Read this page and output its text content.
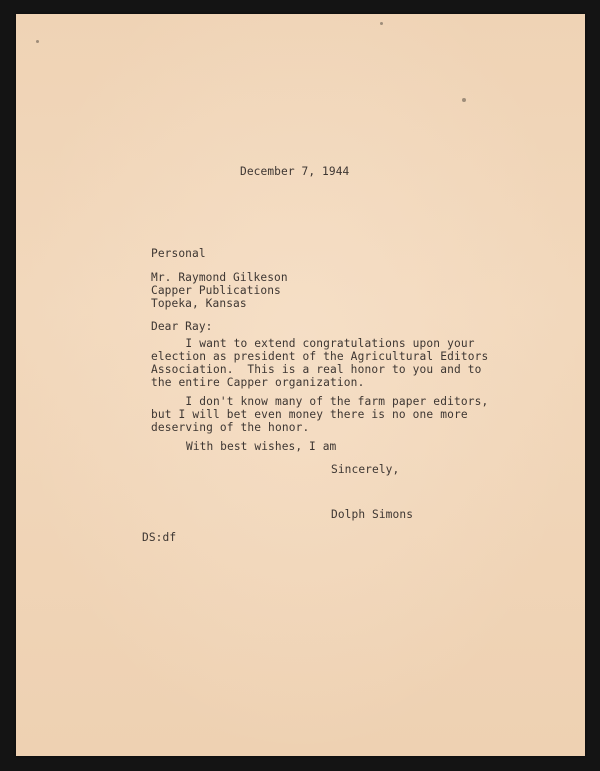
December 7, 1944
Personal
Mr. Raymond Gilkeson
Capper Publications
Topeka, Kansas
Dear Ray:
I want to extend congratulations upon your
election as president of the Agricultural Editors
Association.  This is a real honor to you and to
the entire Capper organization.
I don't know many of the farm paper editors,
but I will bet even money there is no one more
deserving of the honor.
With best wishes, I am
Sincerely,
Dolph Simons
DS:df
